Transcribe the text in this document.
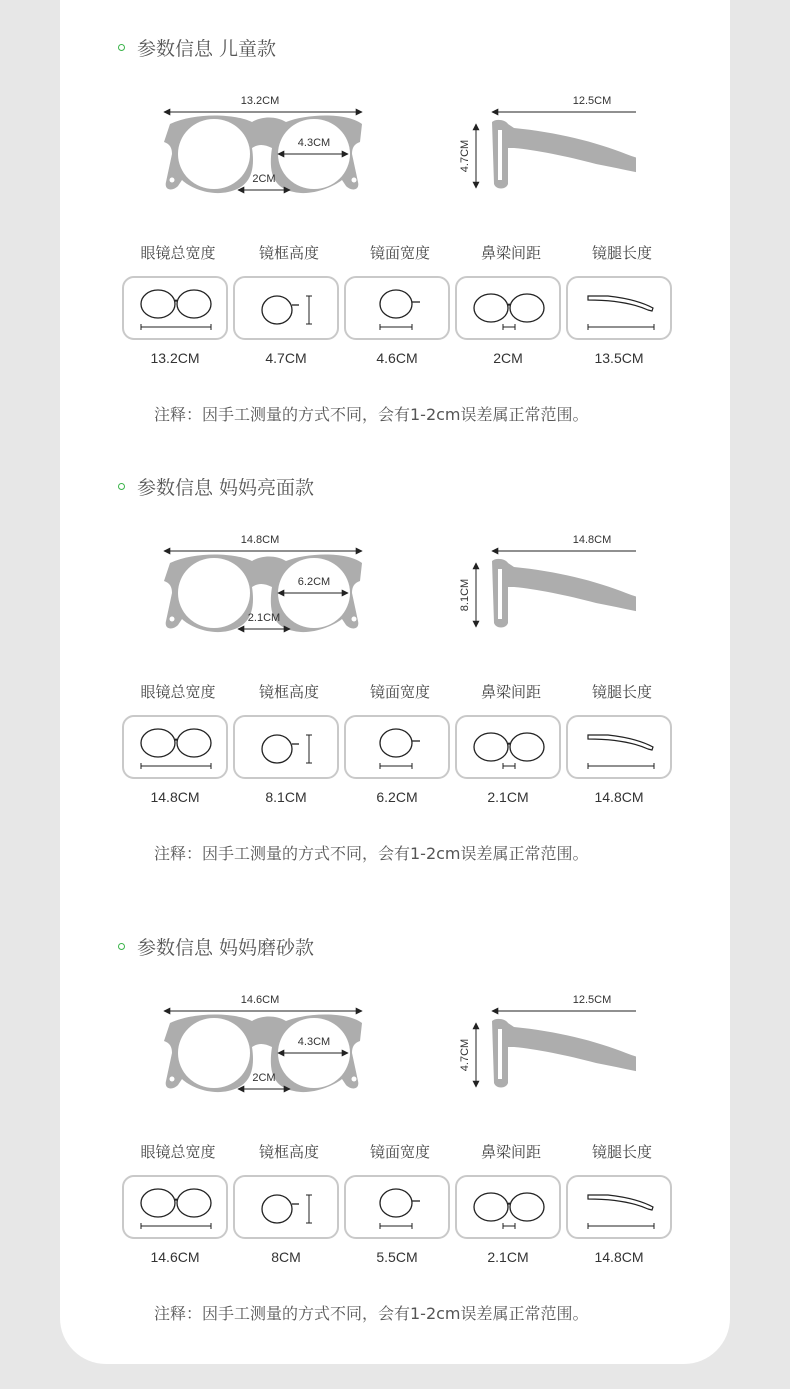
参数信息 儿童款
13.2CM
4.3CM
2CM
12.5CM
4.7CM
眼镜总宽度	镜框高度	镜面宽度	鼻梁间距	镜腿长度
13.2CM	4.7CM	4.6CM	2CM	13.5CM
注释：因手工测量的方式不同，会有1-2cm误差属正常范围。
参数信息 妈妈亮面款
14.8CM
6.2CM
2.1CM
14.8CM
8.1CM
眼镜总宽度	镜框高度	镜面宽度	鼻梁间距	镜腿长度
14.8CM	8.1CM	6.2CM	2.1CM	14.8CM
注释：因手工测量的方式不同，会有1-2cm误差属正常范围。
参数信息 妈妈磨砂款
14.6CM
4.3CM
2CM
12.5CM
4.7CM
眼镜总宽度	镜框高度	镜面宽度	鼻梁间距	镜腿长度
14.6CM	8CM	5.5CM	2.1CM	14.8CM
注释：因手工测量的方式不同，会有1-2cm误差属正常范围。
